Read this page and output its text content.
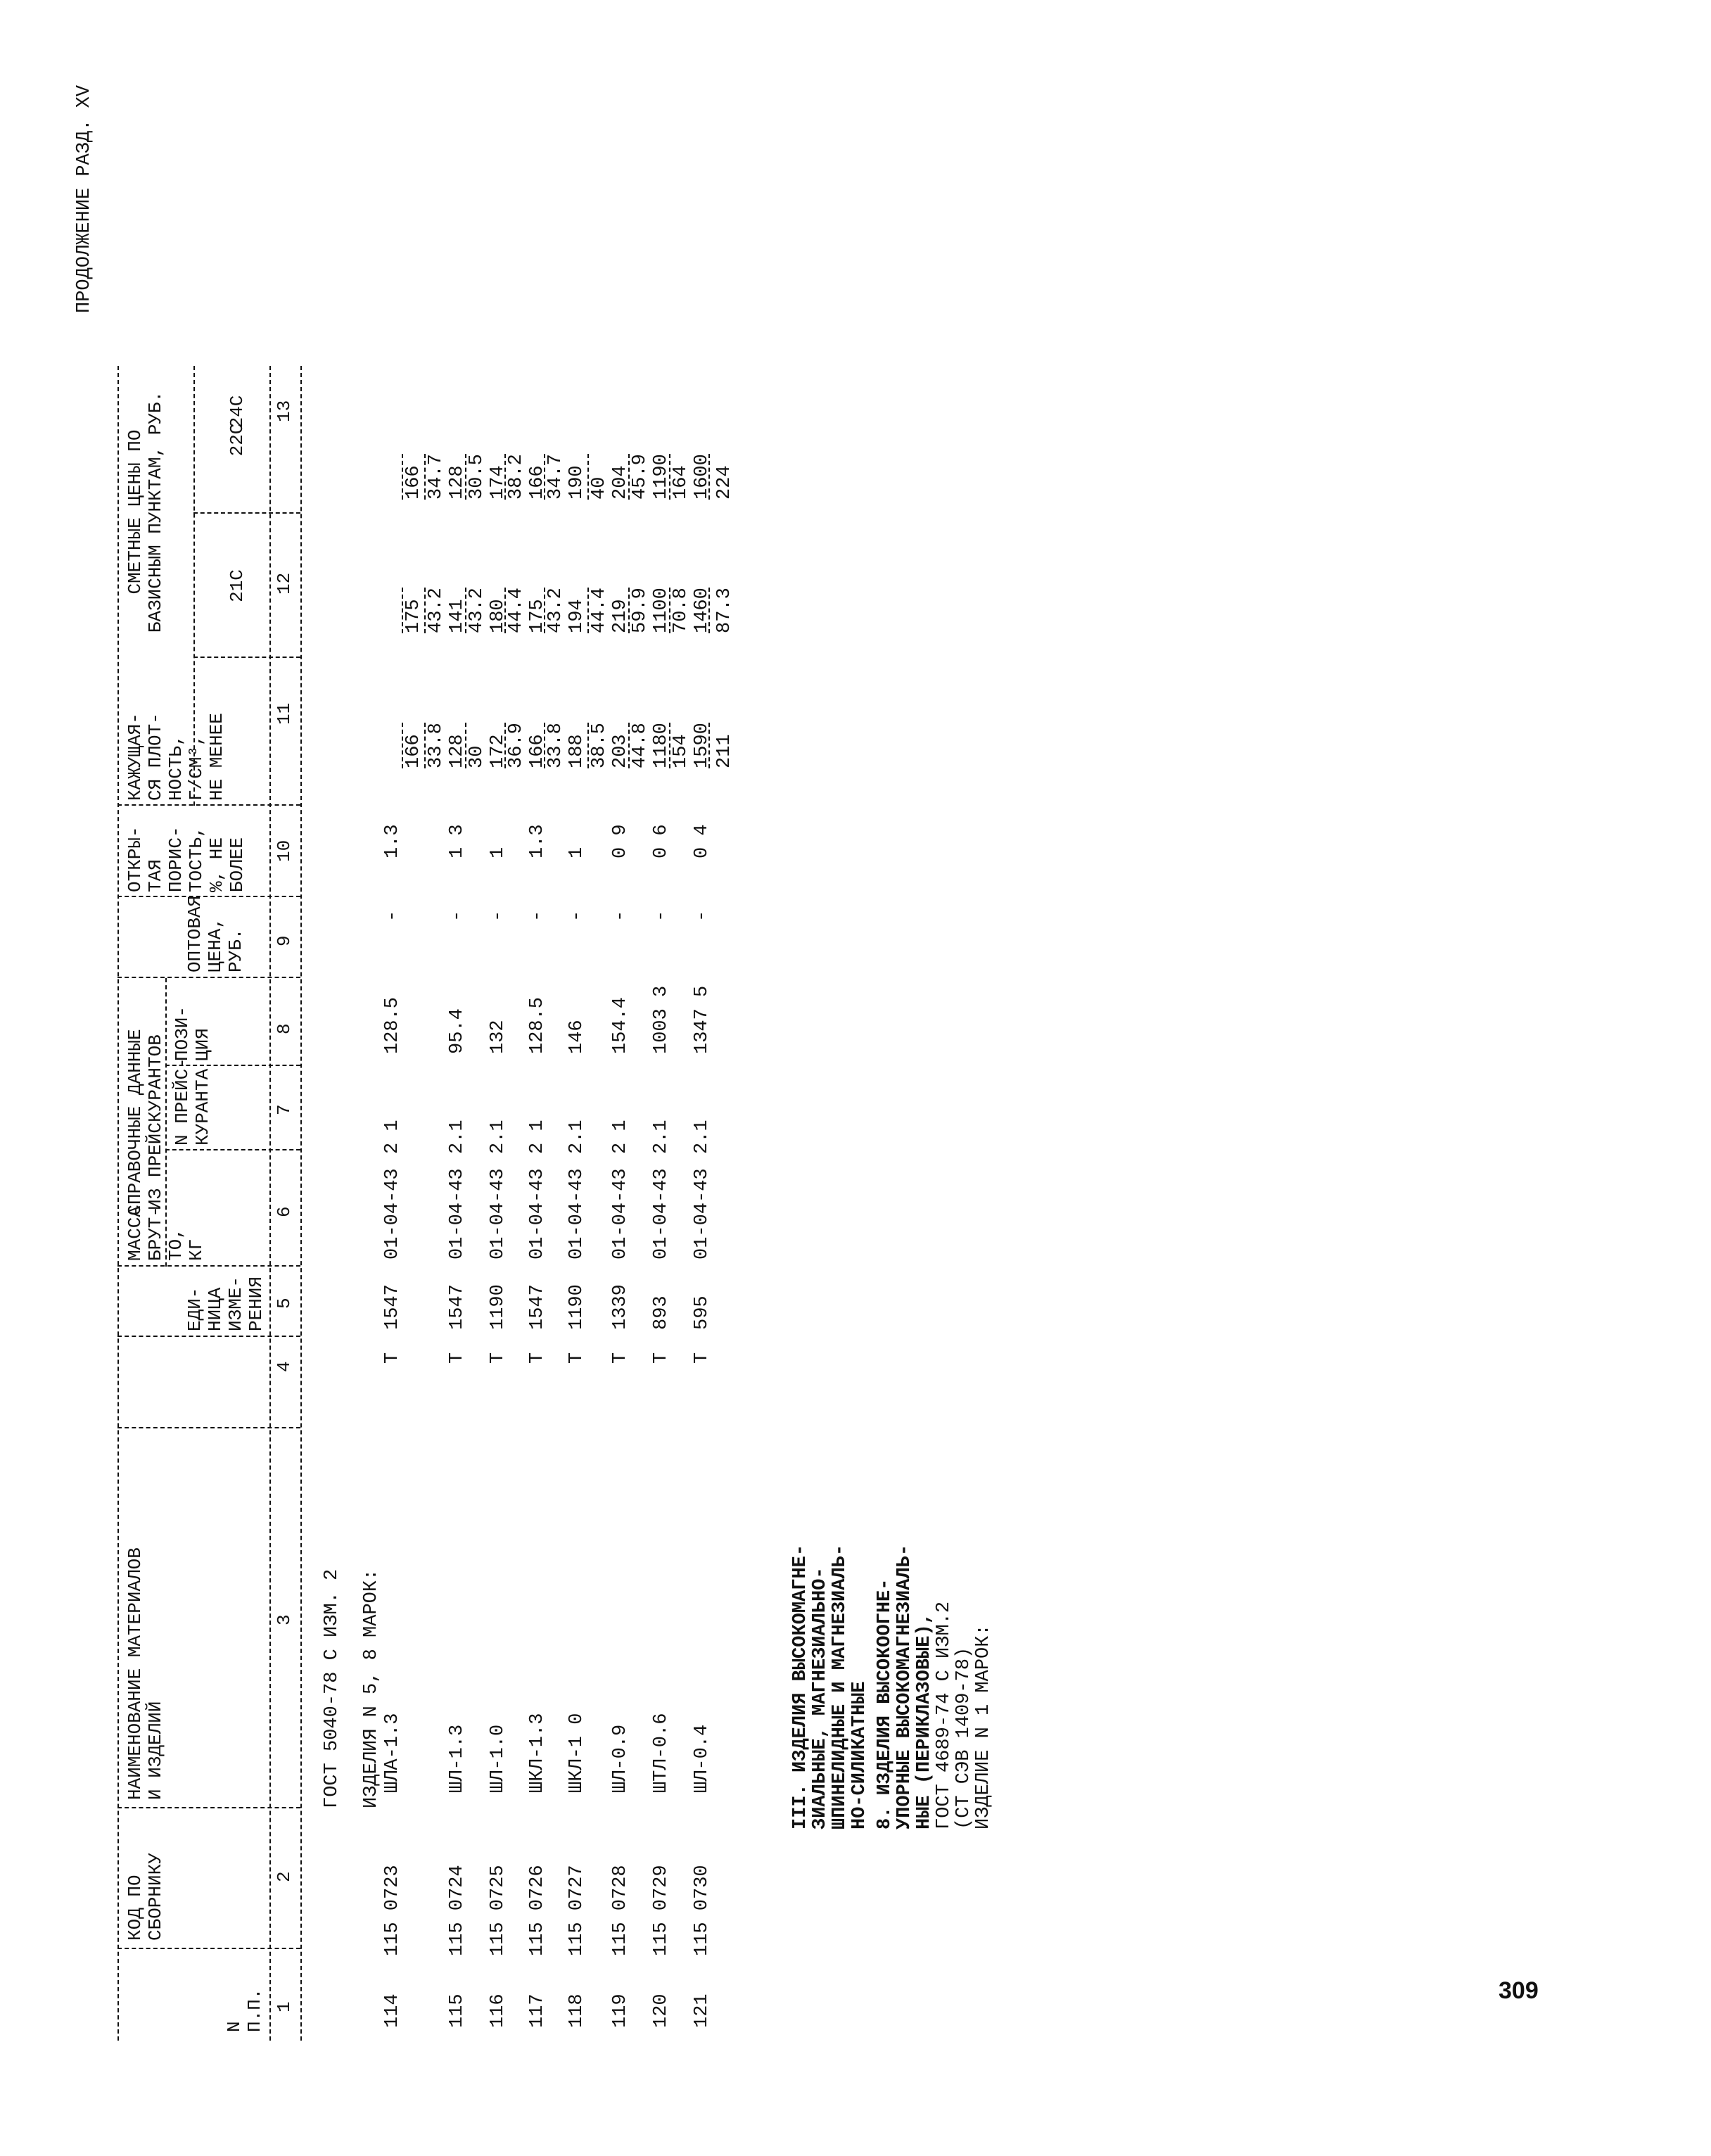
ПРОДОЛЖЕНИЕ РАЗД. XV
N П.П.
КОД ПО СБОРНИКУ
НАИМЕНОВАНИЕ МАТЕРИАЛОВ И ИЗДЕЛИЙ
ЕДИ- НИЦА ИЗМЕ- РЕНИЯ
МАССА БРУТ- ТО, КГ
СПРАВОЧНЫЕ ДАННЫЕ ИЗ ПРЕЙСКУРАНТОВ N ПРЕЙС- КУРАНТА
ПОЗИ- ЦИЯ
ОПТОВАЯ ЦЕНА, РУБ.
ОТКРЫ- ТАЯ ПОРИС- ТОСТЬ, %, НЕ БОЛЕЕ
КАЖУЩАЯ- СЯ ПЛОТ- НОСТЬ, Г/СМ³, НЕ МЕНЕЕ
СМЕТНЫЕ ЦЕНЫ ПО БАЗИСНЫМ ПУНКТАМ, РУБ.	21С
22С
24С
1
2
3
4
5
6
7
8
9
10
11
12
13
ГОСТ 5040-78 С ИЗМ. 2 ИЗДЕЛИЯ N 5, 8 МАРОК:
114
115 0723
ШЛА-1.3
Т
1547
01-04-43
2 1
128.5
-
1.3
166
175
166
115
115 0724
ШЛ-1.3
Т
1547
01-04-43
2.1
95.4
-
1 3
33.8 128
43.2 141
34.7 128
116
115 0725
ШЛ-1.0
Т
1190
01-04-43
2.1
132
-
1
30 172
43.2 180
30.5 174
117
115 0726
ШКЛ-1.3
Т
1547
01-04-43
2 1
128.5
-
1.3
36.9 166
44.4 175
38.2 166
118
115 0727
ШКЛ-1 0
Т
1190
01-04-43
2.1
146
-
1
33.8 188
43.2 194
34.7 190
119
115 0728
ШЛ-0.9
Т
1339
01-04-43
2 1
154.4
-
0 9
38.5 203
44.4 219
40 204
120
115 0729
ШТЛ-0.6
Т
893
01-04-43
2.1
1003 3
-
0 6
44.8 1180
59.9 1100
45.9 1190
121
115 0730
ШЛ-0.4
Т
595
01-04-43
2.1
1347 5
-
0 4
154 1590
70.8 1460
164 1600
211
87.3
224
III. ИЗДЕЛИЯ ВЫСОКОМАГНЕ-
ЗИАЛЬНЫЕ, МАГНЕЗИАЛЬНО-
ШПИНЕЛИДНЫЕ И МАГНЕЗИАЛЬ-
НО-СИЛИКАТНЫЕ 8. ИЗДЕЛИЯ ВЫСОКООГНЕ-
УПОРНЫЕ ВЫСОКОМАГНЕЗИАЛЬ-
НЫЕ (ПЕРИКЛАЗОВЫЕ),
ГОСТ 4689-74 С ИЗМ.2
(СТ СЭВ 1409-78)
ИЗДЕЛИЕ N 1 МАРОК:
309
